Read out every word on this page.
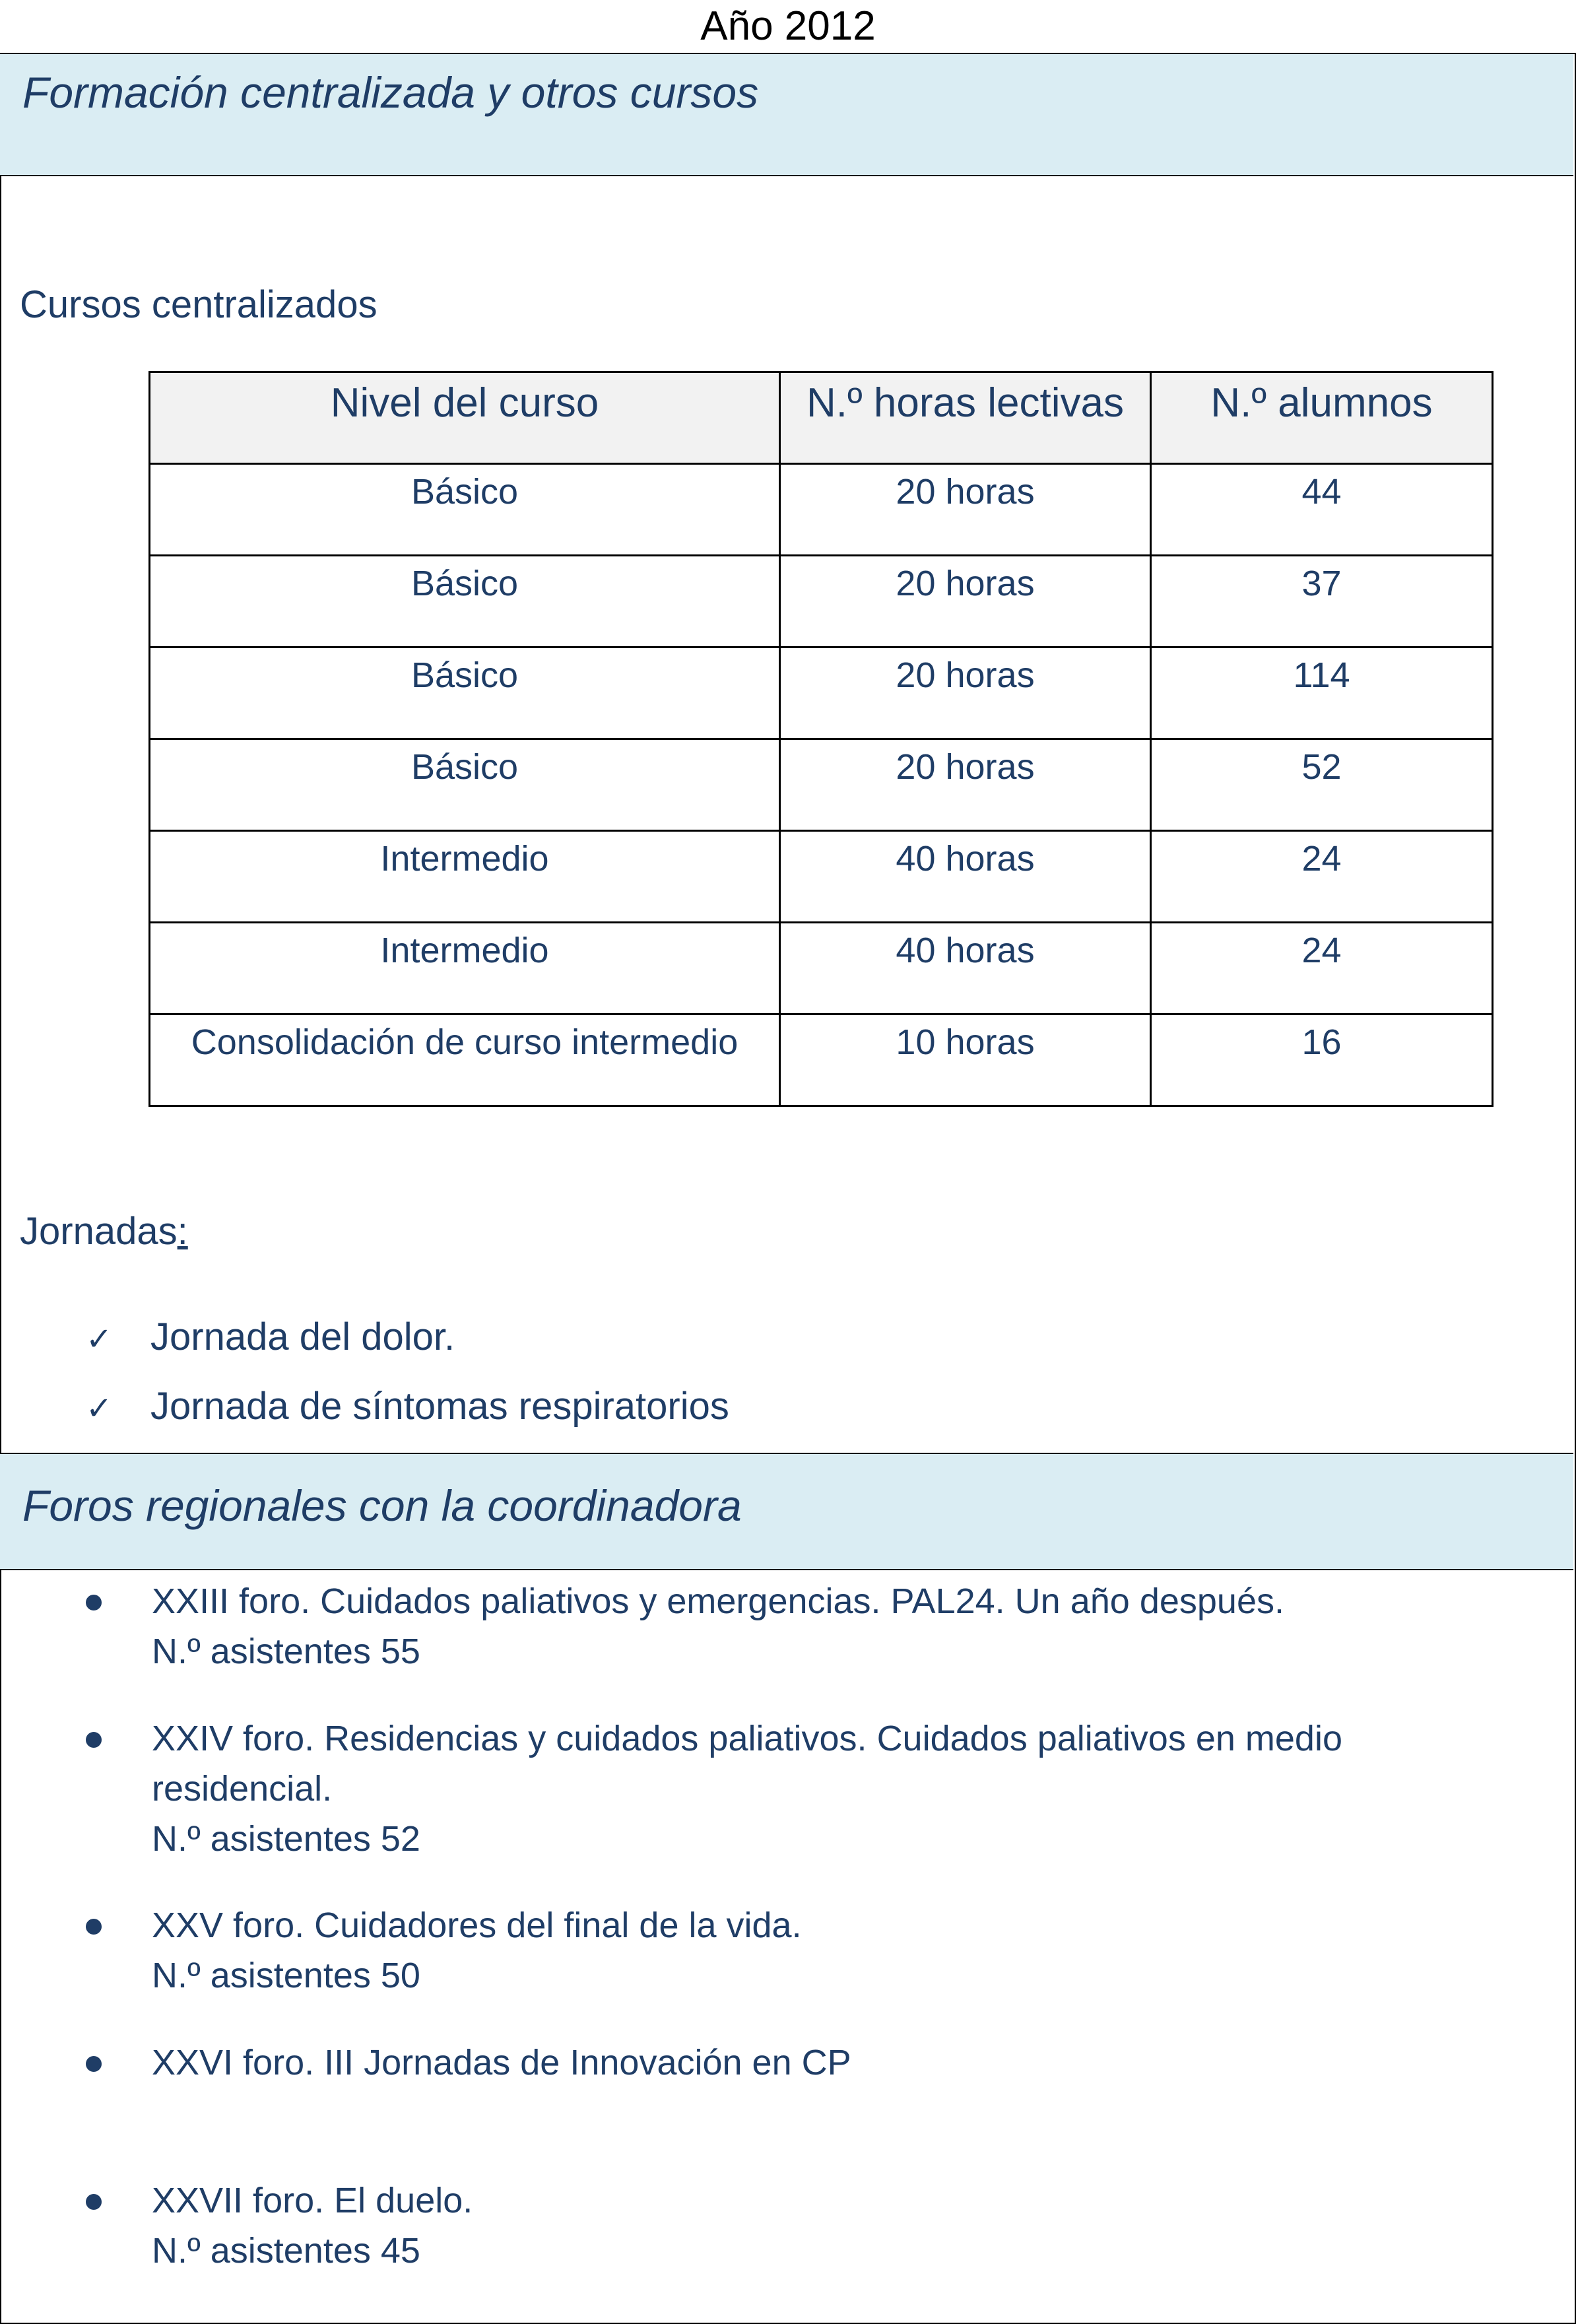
Año 2012
Formación centralizada y otros cursos
Cursos centralizados
Nivel del curso	N.º horas lectivas	N.º alumnos
Básico	20 horas	44
Básico	20 horas	37
Básico	20 horas	114
Básico	20 horas	52
Intermedio	40 horas	24
Intermedio	40 horas	24
Consolidación de curso intermedio	10 horas	16
Jornadas:
✓ Jornada del dolor.
✓ Jornada de síntomas respiratorios
Foros regionales con la coordinadora
XXIII foro. Cuidados paliativos y emergencias. PAL24. Un año después.
N.º asistentes 55
XXIV foro. Residencias y cuidados paliativos. Cuidados paliativos en medio
residencial.
N.º asistentes 52
XXV foro. Cuidadores del final de la vida.
N.º asistentes 50
XXVI foro. III Jornadas de Innovación en CP
XXVII foro. El duelo.
N.º asistentes 45
